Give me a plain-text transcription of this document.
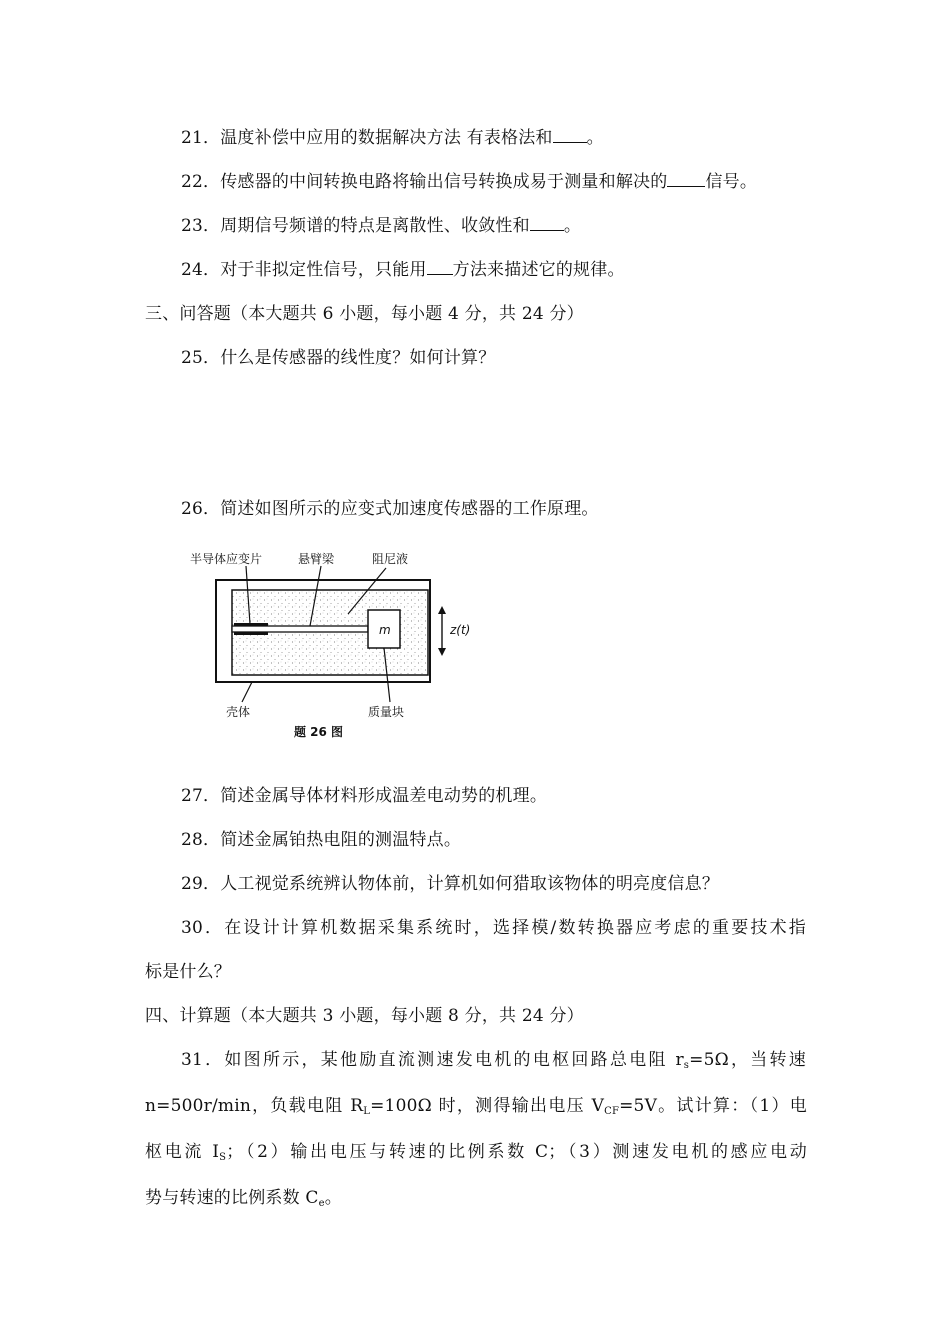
21．温度补偿中应用的数据解决方法 有表格法和 。
22．传感器的中间转换电路将输出信号转换成易于测量和解决的 信号。
23．周期信号频谱的特点是离散性、收敛性和 。
24．对于非拟定性信号，只能用 方法来描述它的规律。
三、问答题（本大题共 6 小题，每小题 4 分，共 24 分）
25．什么是传感器的线性度？如何计算？
26．简述如图所示的应变式加速度传感器的工作原理。
m
半导体应变片	悬臂梁	阻尼液
z(t)
壳体	质量块
题 26 图
27．简述金属导体材料形成温差电动势的机理。
28．简述金属铂热电阻的测温特点。
29．人工视觉系统辨认物体前，计算机如何猎取该物体的明亮度信息？
30．在设计计算机数据采集系统时，选择模/数转换器应考虑的重要技术指
标是什么？
四、计算题（本大题共 3 小题，每小题 8 分，共 24 分）
31．如图所示，某他励直流测速发电机的电枢回路总电阻 $r_s=5\Omega$，当转速
n=500r/min，负载电阻 $R_L=100\Omega$ 时，测得输出电压 $V_{CF}=5V$。试计算：（1）电
枢电流 $I_S$；（2）输出电压与转速的比例系数 C；（3）测速发电机的感应电动
势与转速的比例系数 $C_e$。
